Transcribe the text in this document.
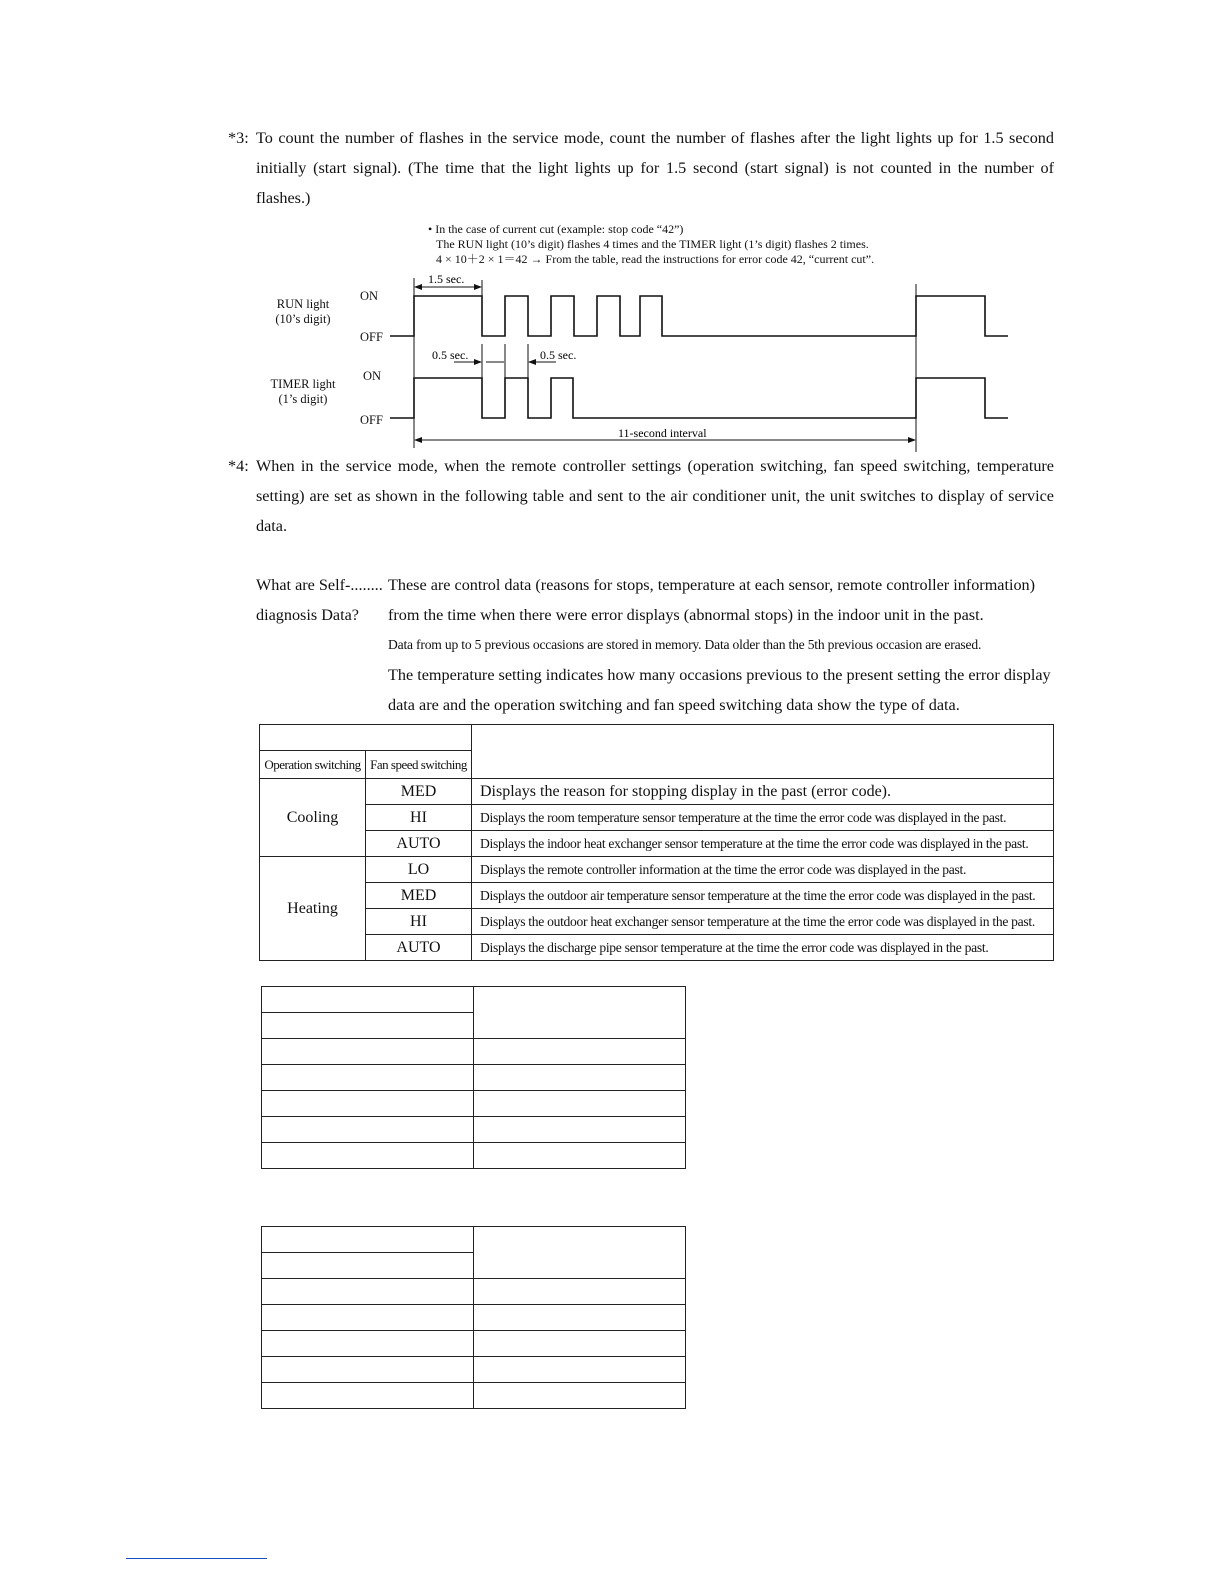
*3: To count the number of flashes in the service mode, count the number of flashes after the light lights up for 1.5 second
initially (start signal). (The time that the light lights up for 1.5 second (start signal) is not counted in the number of
flashes.)
• In the case of current cut (example: stop code “42”)
The RUN light (10’s digit) flashes 4 times and the TIMER light (1’s digit) flashes 2 times.
4 × 10＋2 × 1＝42 → From the table, read the instructions for error code 42, “current cut”.
RUN light
(10’s digit)
TIMER light
(1’s digit)
ON
OFF
ON
OFF
1.5 sec.
0.5 sec.	0.5 sec.
11-second interval
*4: When in the service mode, when the remote controller settings (operation switching, fan speed switching, temperature
setting) are set as shown in the following table and sent to the air conditioner unit, the unit switches to display of service
data.
What are Self-........
diagnosis Data?
These are control data (reasons for stops, temperature at each sensor, remote controller information)
from the time when there were error displays (abnormal stops) in the indoor unit in the past.
Data from up to 5 previous occasions are stored in memory. Data older than the 5th previous occasion are erased.
The temperature setting indicates how many occasions previous to the present setting the error display
data are and the operation switching and fan speed switching data show the type of data.

Operation switching	Fan speed switching	
Cooling	MED	Displays the reason for stopping display in the past (error code).
	HI	Displays the room temperature sensor temperature at the time the error code was displayed in the past.
	AUTO	Displays the indoor heat exchanger sensor temperature at the time the error code was displayed in the past.
Heating	LO	Displays the remote controller information at the time the error code was displayed in the past.
	MED	Displays the outdoor air temperature sensor temperature at the time the error code was displayed in the past.
	HI	Displays the outdoor heat exchanger sensor temperature at the time the error code was displayed in the past.
	AUTO	Displays the discharge pipe sensor temperature at the time the error code was displayed in the past.
